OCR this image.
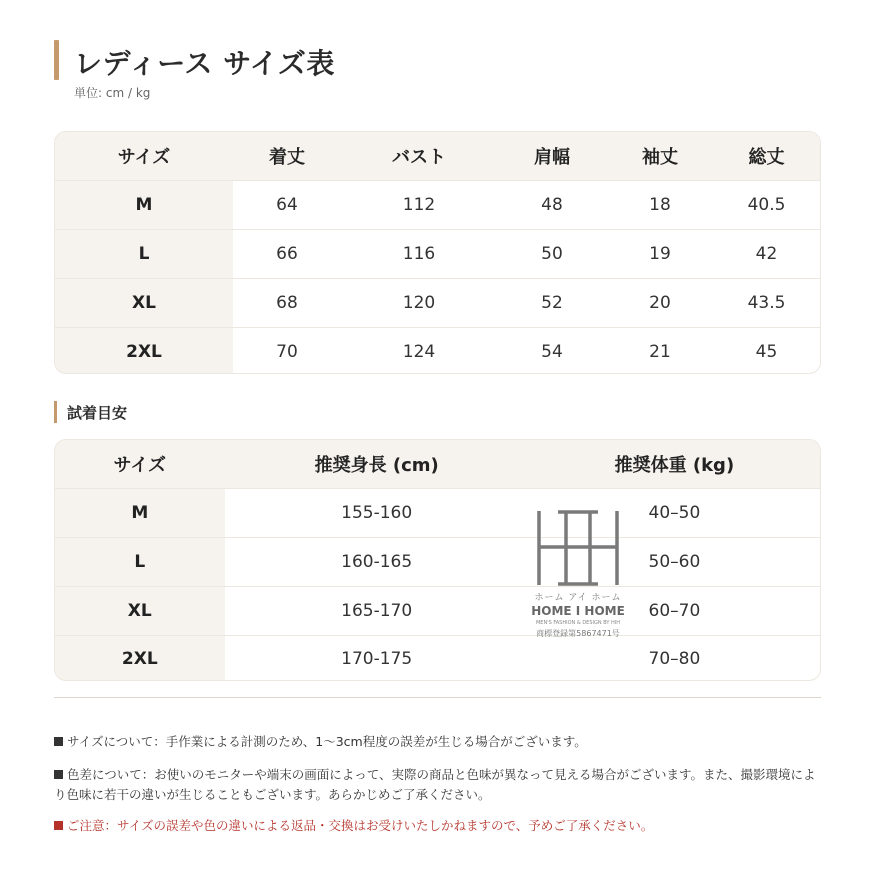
レディース サイズ表
単位: cm / kg
サイズ	着丈	バスト	肩幅	袖丈	総丈
M	64	112	48	18	40.5
L	66	116	50	19	42
XL	68	120	52	20	43.5
2XL	70	124	54	21	45
試着目安
サイズ	推奨身長 (cm)	推奨体重 (kg)
M	155-160	40–50
L	160-165	50–60
XL	165-170	60–70
2XL	170-175	70–80
ホーム アイ ホーム
HOME I HOME
MEN'S FASHION & DESIGN BY HIH
商標登録第5867471号
サイズについて：手作業による計測のため、1〜3cm程度の誤差が生じる場合がございます。
色差について：お使いのモニターや端末の画面によって、実際の商品と色味が異なって見える場合がございます。また、撮影環境により色味に若干の違いが生じることもございます。あらかじめご了承ください。
ご注意：サイズの誤差や色の違いによる返品・交換はお受けいたしかねますので、予めご了承ください。
